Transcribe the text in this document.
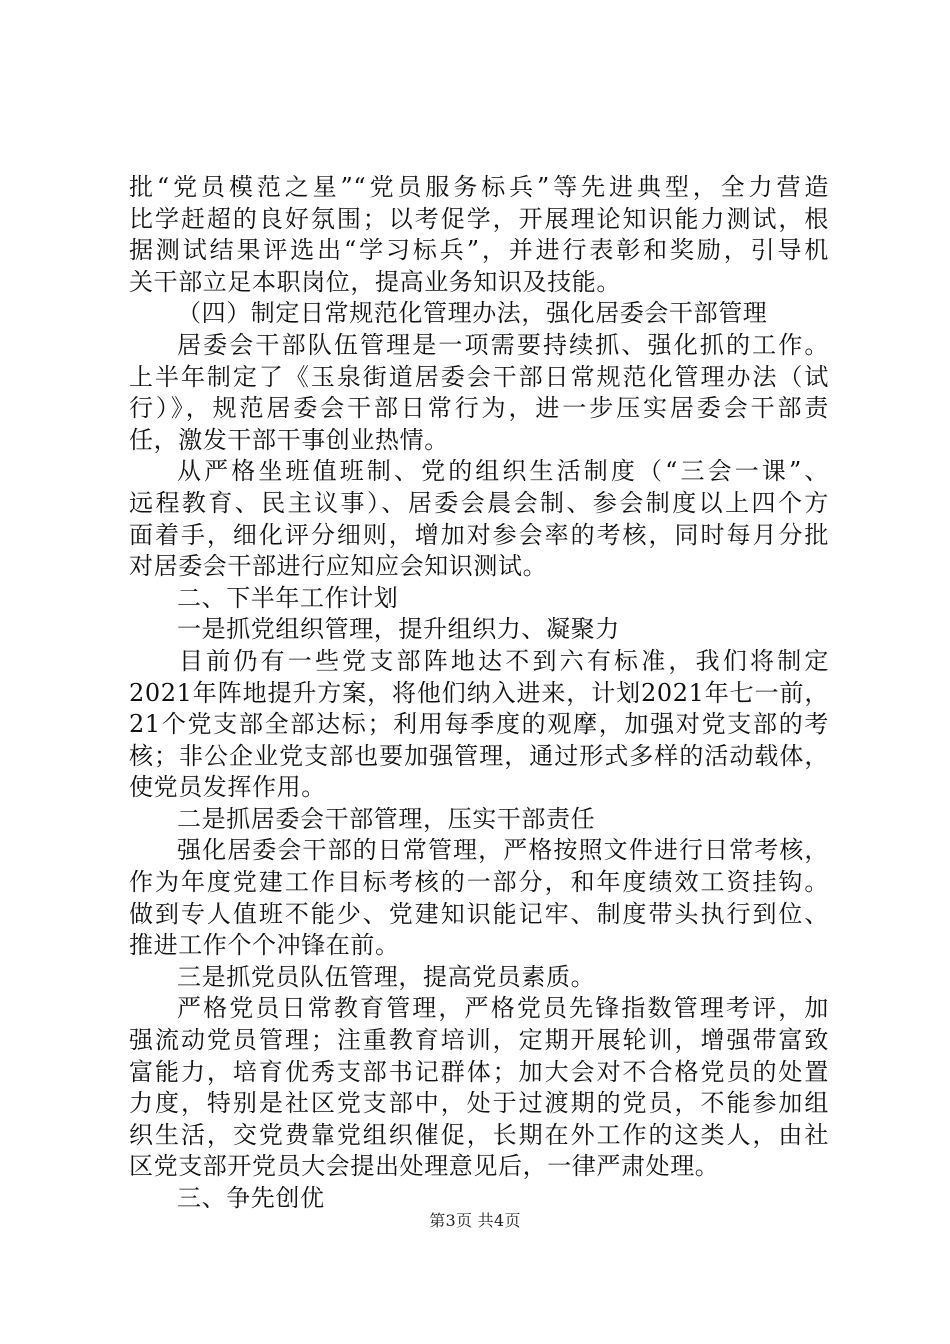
批“党员模范之星”“党员服务标兵”等先进典型，全力营造
比学赶超的良好氛围；以考促学，开展理论知识能力测试，根
据测试结果评选出“学习标兵”，并进行表彰和奖励，引导机
关干部立足本职岗位，提高业务知识及技能。
（四）制定日常规范化管理办法，强化居委会干部管理
居委会干部队伍管理是一项需要持续抓、强化抓的工作。
上半年制定了《玉泉街道居委会干部日常规范化管理办法（试
行）》，规范居委会干部日常行为，进一步压实居委会干部责
任，激发干部干事创业热情。
从严格坐班值班制、党的组织生活制度（“三会一课”、
远程教育、民主议事）、居委会晨会制、参会制度以上四个方
面着手，细化评分细则，增加对参会率的考核，同时每月分批
对居委会干部进行应知应会知识测试。
二、下半年工作计划
一是抓党组织管理，提升组织力、凝聚力
目前仍有一些党支部阵地达不到六有标准，我们将制定
2021年阵地提升方案，将他们纳入进来，计划2021年七一前，
21个党支部全部达标；利用每季度的观摩，加强对党支部的考
核；非公企业党支部也要加强管理，通过形式多样的活动载体，
使党员发挥作用。
二是抓居委会干部管理，压实干部责任
强化居委会干部的日常管理，严格按照文件进行日常考核，
作为年度党建工作目标考核的一部分，和年度绩效工资挂钩。
做到专人值班不能少、党建知识能记牢、制度带头执行到位、
推进工作个个冲锋在前。
三是抓党员队伍管理，提高党员素质。
严格党员日常教育管理，严格党员先锋指数管理考评，加
强流动党员管理；注重教育培训，定期开展轮训，增强带富致
富能力，培育优秀支部书记群体；加大会对不合格党员的处置
力度，特别是社区党支部中，处于过渡期的党员，不能参加组
织生活，交党费靠党组织催促，长期在外工作的这类人，由社
区党支部开党员大会提出处理意见后，一律严肃处理。
三、争先创优
第3页 共4页
